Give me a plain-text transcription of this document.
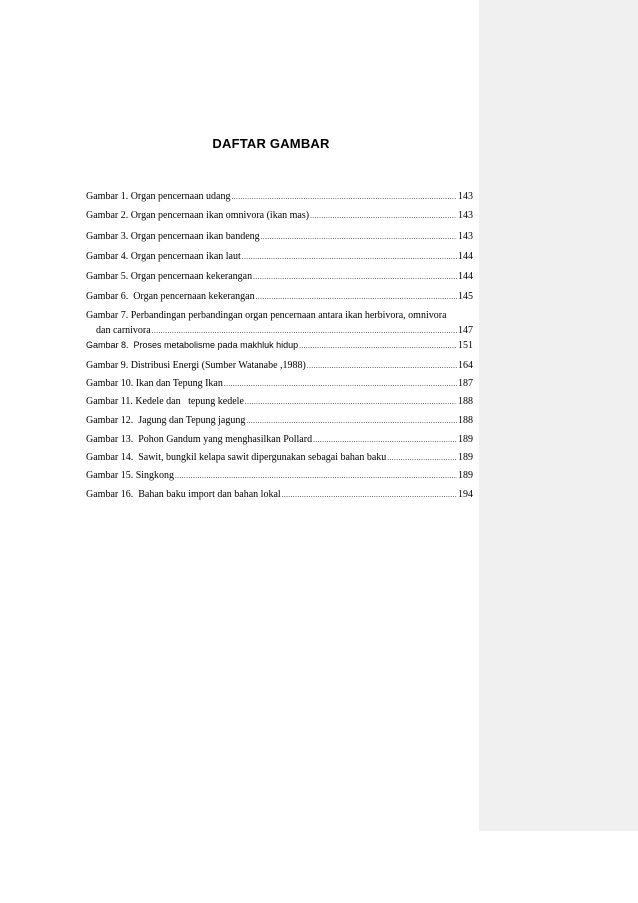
DAFTAR GAMBAR
Gambar 1. Organ pencernaan udang .....	143
Gambar 2. Organ pencernaan ikan omnivora (ikan mas) .....	143
Gambar 3. Organ pencernaan ikan bandeng .....	143
Gambar 4. Organ pencernaan ikan laut .....	144
Gambar 5. Organ pencernaan kekerangan .....	144
Gambar 6.  Organ pencernaan kekerangan .....	145
Gambar 7. Perbandingan perbandingan organ pencernaan antara ikan herbivora, omnivora
dan carnivora .....	147
Gambar 8.  Proses metabolisme pada makhluk hidup .....	151
Gambar 9. Distribusi Energi (Sumber Watanabe ,1988) .....	164
Gambar 10. Ikan dan Tepung Ikan .....	187
Gambar 11. Kedele dan   tepung kedele .....	188
Gambar 12.  Jagung dan Tepung jagung .....	188
Gambar 13.  Pohon Gandum yang menghasilkan Pollard .....	189
Gambar 14.  Sawit, bungkil kelapa sawit dipergunakan sebagai bahan baku .....	189
Gambar 15. Singkong .....	189
Gambar 16.  Bahan baku import dan bahan lokal .....	194
